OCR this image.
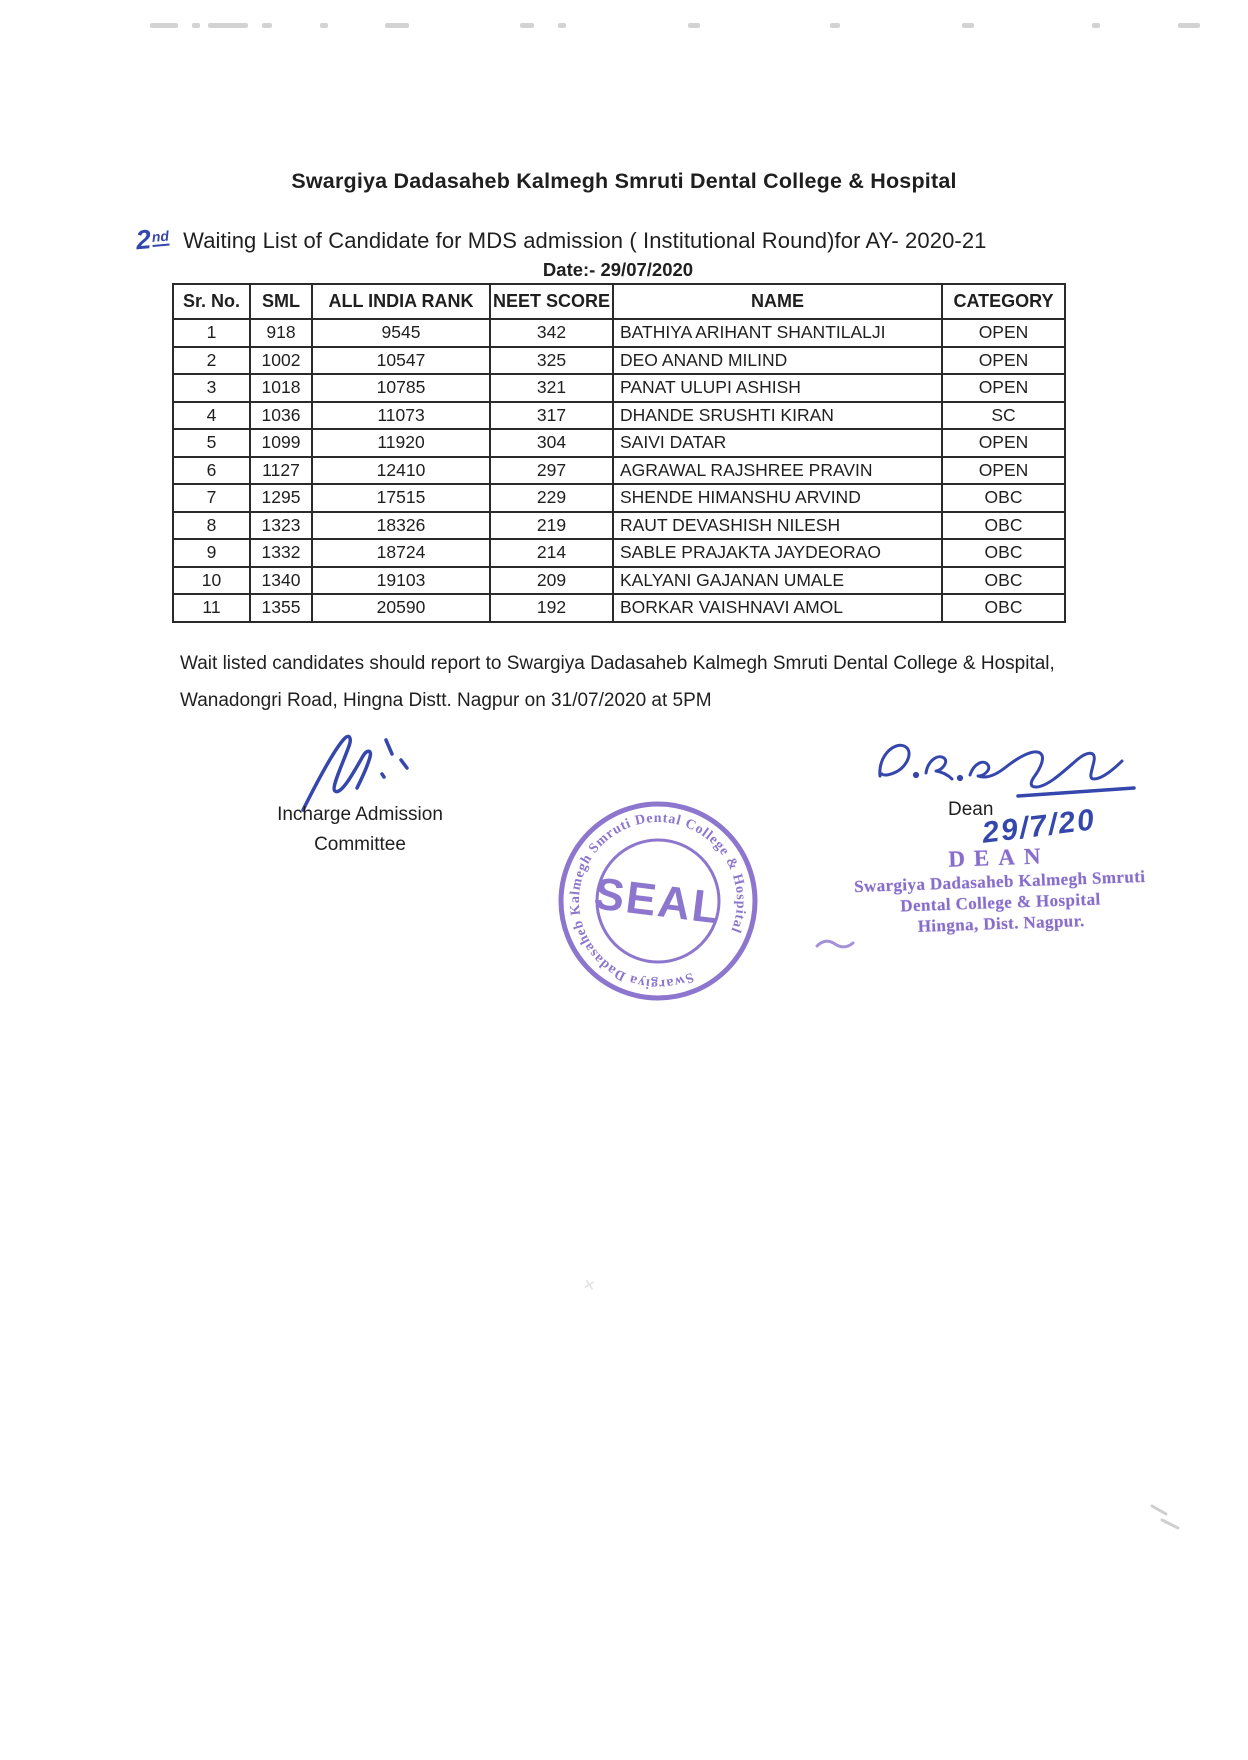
Swargiya Dadasaheb Kalmegh Smruti Dental College & Hospital
2nd Waiting List of Candidate for MDS admission ( Institutional Round)for AY- 2020-21
Date:- 29/07/2020
Sr. No.	SML	ALL INDIA RANK	NEET SCORE	NAME	CATEGORY
1	918	9545	342	BATHIYA ARIHANT SHANTILALJI	OPEN
2	1002	10547	325	DEO ANAND MILIND	OPEN
3	1018	10785	321	PANAT ULUPI ASHISH	OPEN
4	1036	11073	317	DHANDE SRUSHTI KIRAN	SC
5	1099	11920	304	SAIVI DATAR	OPEN
6	1127	12410	297	AGRAWAL RAJSHREE PRAVIN	OPEN
7	1295	17515	229	SHENDE HIMANSHU ARVIND	OBC
8	1323	18326	219	RAUT DEVASHISH NILESH	OBC
9	1332	18724	214	SABLE PRAJAKTA JAYDEORAO	OBC
10	1340	19103	209	KALYANI GAJANAN UMALE	OBC
11	1355	20590	192	BORKAR VAISHNAVI AMOL	OBC
Wait listed candidates should report to Swargiya Dadasaheb Kalmegh Smruti Dental College & Hospital, Wanadongri Road, Hingna Distt. Nagpur on 31/07/2020 at 5PM
Incharge Admission
Committee
Swargiya Dadasaheb Kalmegh Smruti Dental College & Hospital
SEAL
Dean
29/7/20
DEAN
Swargiya Dadasaheb Kalmegh Smruti
Dental College & Hospital
Hingna, Dist. Nagpur.
✕
